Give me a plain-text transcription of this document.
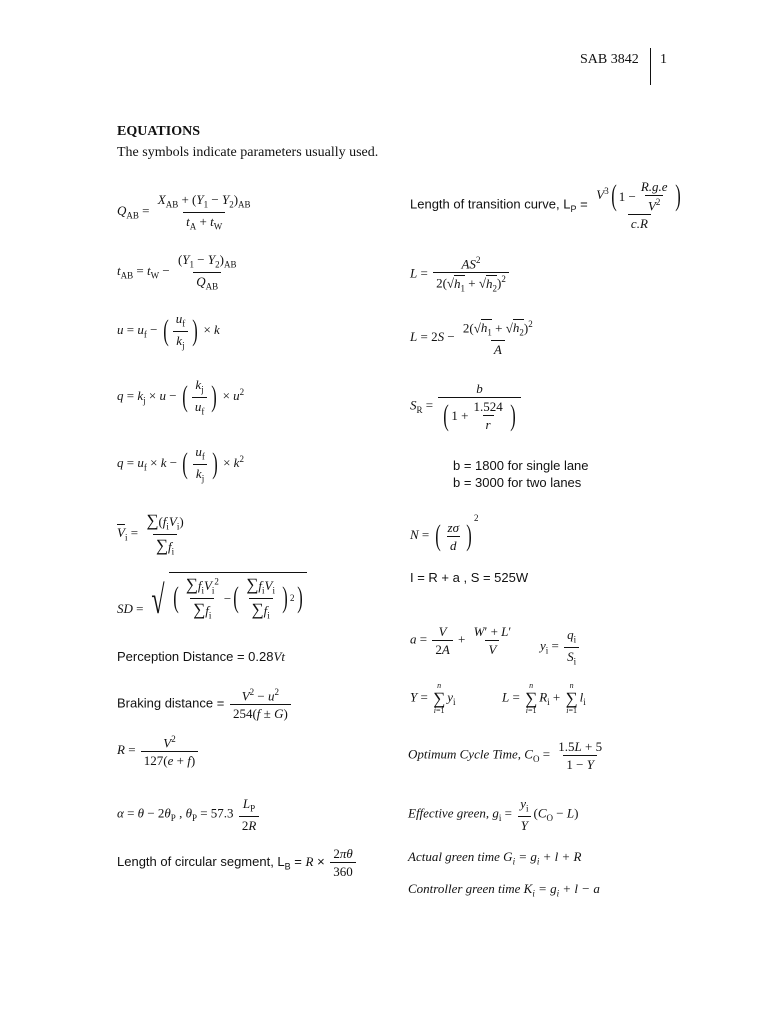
SAB 3842 1
EQUATIONS
The symbols indicate parameters usually used.
$Q_{AB} = \frac{X_{AB} + (Y_1 - Y_2)_{AB}}{t_A + t_W}$
$t_{AB} = t_W - \frac{(Y_1 - Y_2)_{AB}}{Q_{AB}}$
$u = u_f$ − ( $\frac{u_f}{k_j}$ ) × k
$q = k_j \times u$ − ( $\frac{k_j}{u_f}$ ) × $u^2$
$q = u_f \times k$ − ( $\frac{u_f}{k_j}$ ) × $k^2$
$\overline{V}_i = \frac{\sum(f_iV_i)}{\sum f_i}$
SD = √ ( $\frac{\sum f_iV_i^2}{\sum f_i}$ − ( $\frac{\sum f_iV_i}{\sum f_i}$ ) 2 )
Perception Distance = 0.28Vt
Braking distance = $\frac{V^2 - u^2}{254(f \pm G)}$
$R = \frac{V^2}{127(e + f)}$
$\alpha = \theta - 2\theta_P$ , $\theta_P = 57.3 \frac{L_P}{2R}$
Length of circular segment, $L_B = R \times \frac{2\pi\theta}{360}$
Length of transition curve, $L_P = \frac{V^3 ( 1 - \frac{R.g.e}{V^2} )}{c.R}$
$L = \frac{AS^2}{2(√h_1 + √h_2)^2}$
$L = 2S - \frac{2(√h_1 + √h_2)^2}{A}$
$S_R = \frac{b}{( 1 + \frac{1.524}{r} )}$
b = 1800 for single lane
b = 3000 for two lanes
N = ( $\frac{z\sigma}{d}$ )
$^2$
I = R + a , S = 525W
$a = \frac{V}{2A} + \frac{W' + L'}{V} y_i = \frac{q_i}{S_i}$
Y =
n
∑
i=1
$y_i$	L =
n
∑
i=1
$R_i$ +
n
∑
i=1
$l_i$
Optimum Cycle Time, $C_O = \frac{1.5L + 5}{1 - Y}$
Effective green, $g_i = \frac{y_i}{Y} (C_O - L)$
Actual green time $G_i = g_i + l + R$
Controller green time $K_i = g_i + l - a$
